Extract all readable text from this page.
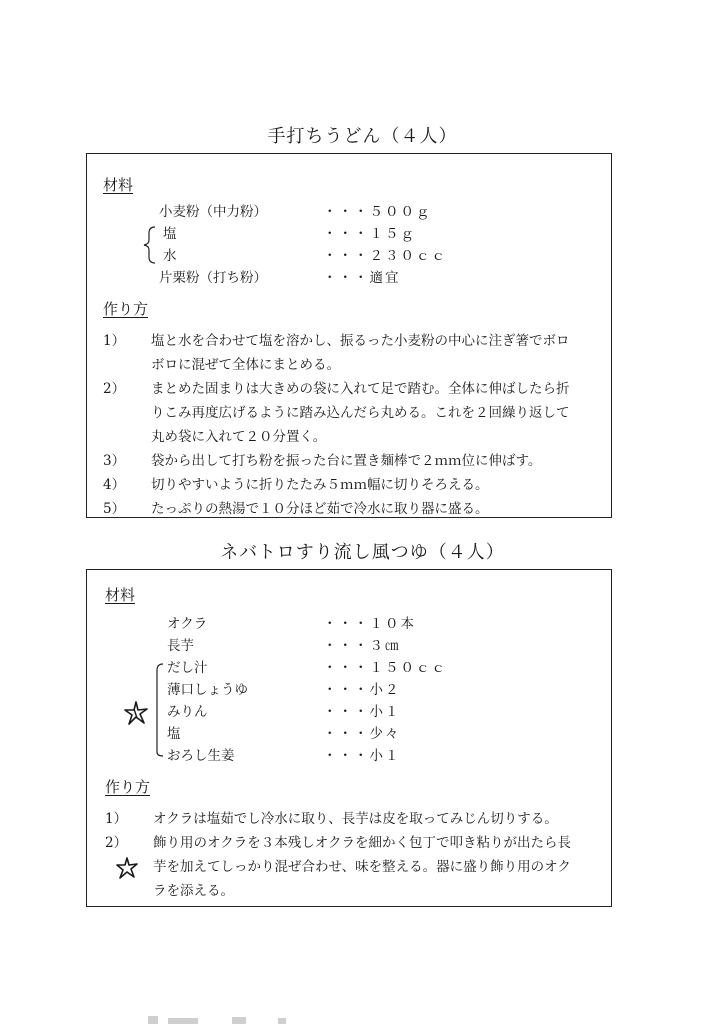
手打ちうどん（４人）
材料
小麦粉（中力粉）	・・・５００ｇ
塩	・・・１５ｇ
水	・・・２３０ｃｃ
片栗粉（打ち粉）	・・・適宜
作り方
1） 塩と水を合わせて塩を溶かし、振るった小麦粉の中心に注ぎ箸でボロボロに混ぜて全体にまとめる。
2） まとめた固まりは大きめの袋に入れて足で踏む。全体に伸ばしたら折りこみ再度広げるように踏み込んだら丸める。これを２回繰り返して丸め袋に入れて２０分置く。
3） 袋から出して打ち粉を振った台に置き麺棒で２ｍｍ位に伸ばす。
4） 切りやすいように折りたたみ５ｍｍ幅に切りそろえる。
5） たっぷりの熱湯で１０分ほど茹で冷水に取り器に盛る。
ネバトロすり流し風つゆ（４人）
材料
オクラ	・・・１０本
長芋	・・・３㎝
だし汁	・・・１５０ｃｃ
薄口しょうゆ	・・・小２
みりん	・・・小１
塩	・・・少々
おろし生姜	・・・小１
作り方
1） オクラは塩茹でし冷水に取り、長芋は皮を取ってみじん切りする。
2） 飾り用のオクラを３本残しオクラを細かく包丁で叩き粘りが出たら長芋を加えてしっかり混ぜ合わせ、味を整える。器に盛り飾り用のオクラを添える。
